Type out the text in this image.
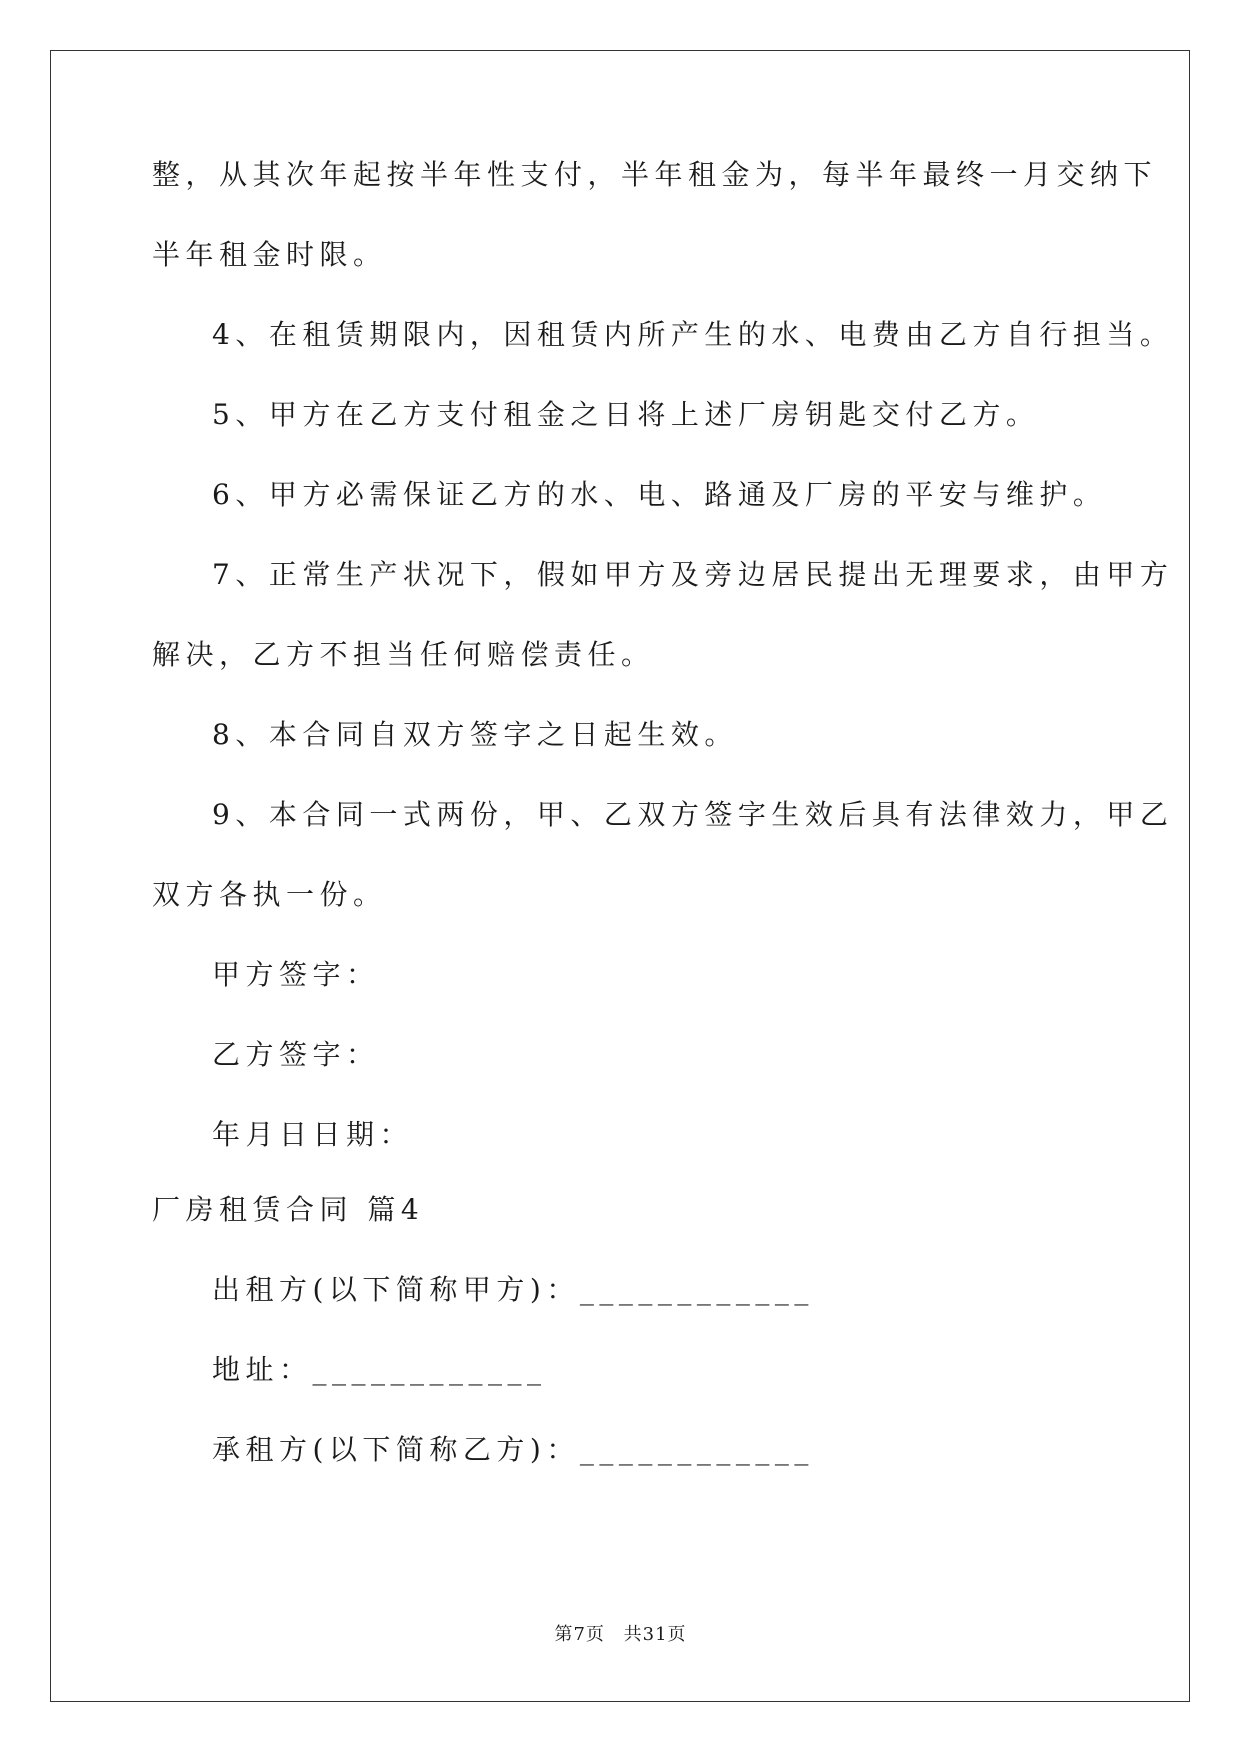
整，从其次年起按半年性支付，半年租金为，每半年最终一月交纳下
半年租金时限。
4、在租赁期限内，因租赁内所产生的水、电费由乙方自行担当。
5、甲方在乙方支付租金之日将上述厂房钥匙交付乙方。
6、甲方必需保证乙方的水、电、路通及厂房的平安与维护。
7、正常生产状况下，假如甲方及旁边居民提出无理要求，由甲方
解决，乙方不担当任何赔偿责任。
8、本合同自双方签字之日起生效。
9、本合同一式两份，甲、乙双方签字生效后具有法律效力，甲乙
双方各执一份。
甲方签字：
乙方签字：
年月日日期：
厂房租赁合同 篇4
出租方(以下简称甲方)：____________
地址：____________
承租方(以下简称乙方)：____________
第7页 共31页
